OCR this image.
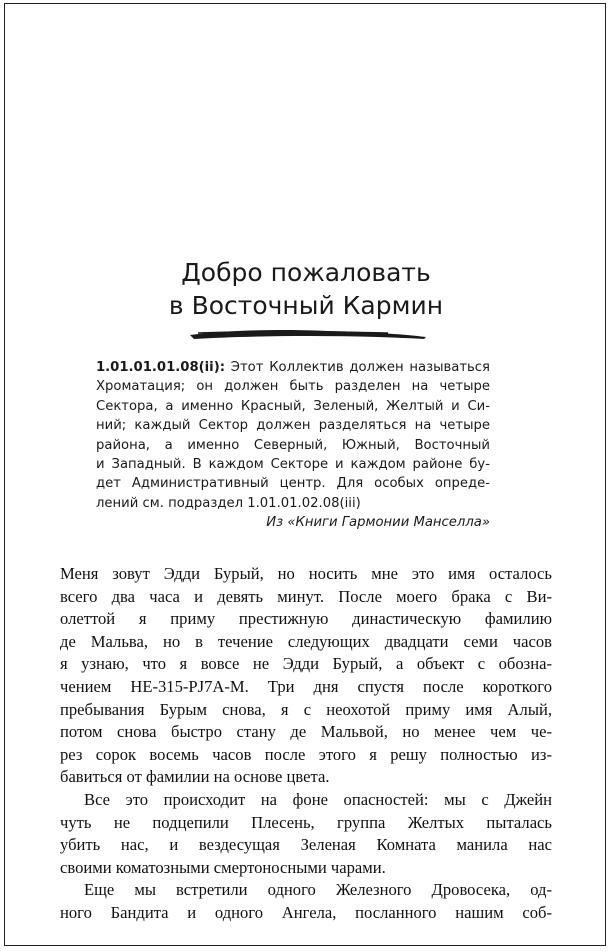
Добро пожаловать
в Восточный Кармин
1.01.01.01.08(ii): Этот Коллектив должен называться
Хроматация; он должен быть разделен на четыре
Сектора, а именно Красный, Зеленый, Желтый и Си-
ний; каждый Сектор должен разделяться на четыре
района, а именно Северный, Южный, Восточный
и Западный. В каждом Секторе и каждом районе бу-
дет Административный центр. Для особых опреде-
лений см. подраздел 1.01.01.02.08(iii)
Из «Книги Гармонии Манселла»
Меня зовут Эдди Бурый, но носить мне это имя осталось
всего два часа и девять минут. После моего брака с Ви-
олеттой я приму престижную династическую фамилию
де Мальва, но в течение следующих двадцати семи часов
я узнаю, что я вовсе не Эдди Бурый, а объект с обозна-
чением НЕ-315-PJ7A-M. Три дня спустя после короткого
пребывания Бурым снова, я с неохотой приму имя Алый,
потом снова быстро стану де Мальвой, но менее чем че-
рез сорок восемь часов после этого я решу полностью из-
бавиться от фамилии на основе цвета.
Все это происходит на фоне опасностей: мы с Джейн
чуть не подцепили Плесень, группа Желтых пыталась
убить нас, и вездесущая Зеленая Комната манила нас
своими коматозными смертоносными чарами.
Еще мы встретили одного Железного Дровосека, од-
ного Бандита и одного Ангела, посланного нашим соб-
